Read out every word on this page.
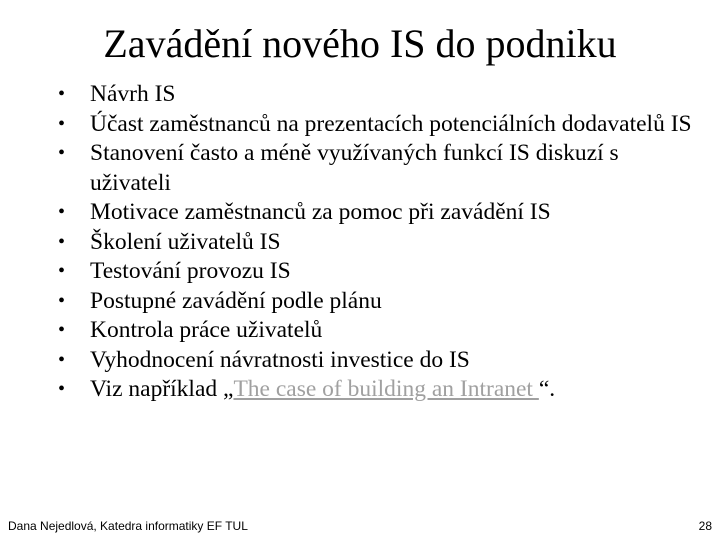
Zavádění nového IS do podniku
• Návrh IS
• Účast zaměstnanců na prezentacích potenciálních dodavatelů IS
• Stanovení často a méně využívaných funkcí IS diskuzí s uživateli
• Motivace zaměstnanců za pomoc při zavádění IS
• Školení uživatelů IS
• Testování provozu IS
• Postupné zavádění podle plánu
• Kontrola práce uživatelů
• Vyhodnocení návratnosti investice do IS
• Viz například „The case of building an Intranet “.
Dana Nejedlová, Katedra informatiky EF TUL	28
